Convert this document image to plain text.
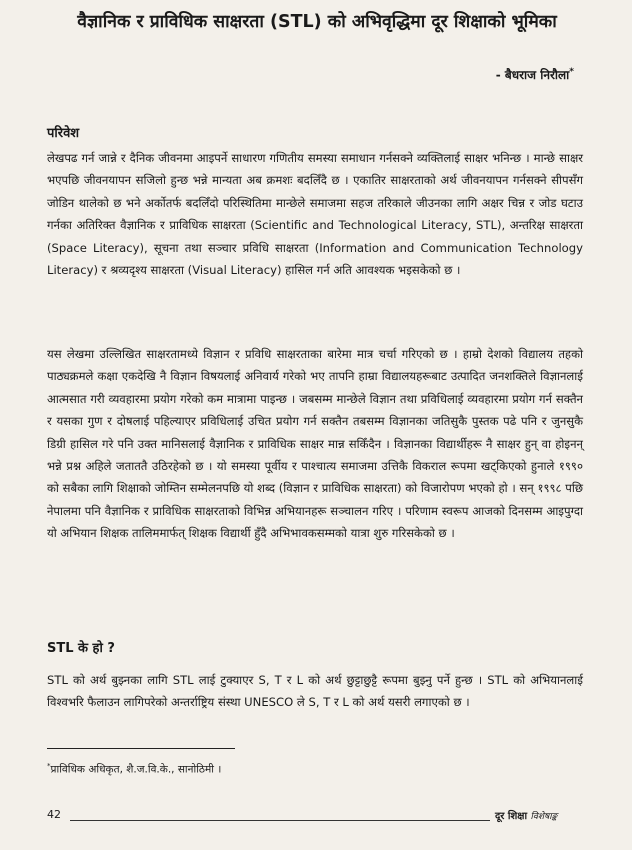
वैज्ञानिक र प्राविधिक साक्षरता (STL) को अभिवृद्धिमा दूर शिक्षाको भूमिका
- बैधराज निरौला*
परिवेश
लेखपढ गर्न जान्ने र दैनिक जीवनमा आइपर्ने साधारण गणितीय समस्या समाधान गर्नसक्ने व्यक्तिलाई साक्षर भनिन्छ । मान्छे साक्षर भएपछि जीवनयापन सजिलो हुन्छ भन्ने मान्यता अब क्रमशः बदलिँदै छ । एकातिर साक्षरताको अर्थ जीवनयापन गर्नसक्ने सीपसँग जोडिन थालेको छ भने अर्कोतर्फ बदलिँदो परिस्थितिमा मान्छेले समाजमा सहज तरिकाले जीउनका लागि अक्षर चिन्न र जोड घटाउ गर्नका अतिरिक्त वैज्ञानिक र प्राविधिक साक्षरता (Scientific and Technological Literacy, STL), अन्तरिक्ष साक्षरता (Space Literacy), सूचना तथा सञ्चार प्रविधि साक्षरता (Information and Communication Technology Literacy) र श्रव्यदृश्य साक्षरता (Visual Literacy) हासिल गर्न अति आवश्यक भइसकेको छ ।
यस लेखमा उल्लिखित साक्षरतामध्ये विज्ञान र प्रविधि साक्षरताका बारेमा मात्र चर्चा गरिएको छ । हाम्रो देशको विद्यालय तहको पाठ्यक्रमले कक्षा एकदेखि नै विज्ञान विषयलाई अनिवार्य गरेको भए तापनि हाम्रा विद्यालयहरूबाट उत्पादित जनशक्तिले विज्ञानलाई आत्मसात गरी व्यवहारमा प्रयोग गरेको कम मात्रामा पाइन्छ । जबसम्म मान्छेले विज्ञान तथा प्रविधिलाई व्यवहारमा प्रयोग गर्न सक्तैन र यसका गुण र दोषलाई पहिल्याएर प्रविधिलाई उचित प्रयोग गर्न सक्तैन तबसम्म विज्ञानका जतिसुकै पुस्तक पढे पनि र जुनसुकै डिग्री हासिल गरे पनि उक्त मानिसलाई वैज्ञानिक र प्राविधिक साक्षर मान्न सकिँदैन । विज्ञानका विद्यार्थीहरू नै साक्षर हुन् वा होइनन् भन्ने प्रश्न अहिले जताततै उठिरहेको छ । यो समस्या पूर्वीय र पाश्चात्य समाजमा उत्तिकै विकराल रूपमा खट्किएको हुनाले १९९० को सबैका लागि शिक्षाको जोम्तिन सम्मेलनपछि यो शब्द (विज्ञान र प्राविधिक साक्षरता) को विजारोपण भएको हो । सन् १९९८ पछि नेपालमा पनि वैज्ञानिक र प्राविधिक साक्षरताको विभिन्न अभियानहरू सञ्चालन गरिए । परिणाम स्वरूप आजको दिनसम्म आइपुग्दा यो अभियान शिक्षक तालिममार्फत् शिक्षक विद्यार्थी हुँदै अभिभावकसम्मको यात्रा शुरु गरिसकेको छ ।
STL के हो ?
STL को अर्थ बुझ्नका लागि STL लाई टुक्याएर S, T र L को अर्थ छुट्टाछुट्टै रूपमा बुझ्नु पर्ने हुन्छ । STL को अभियानलाई विश्वभरि फैलाउन लागिपरेको अन्तर्राष्ट्रिय संस्था UNESCO ले S, T र L को अर्थ यसरी लगाएको छ ।
*प्राविधिक अधिकृत, शै.ज.वि.के., सानोठिमी ।
42	दूर शिक्षा विशेषाङ्क
